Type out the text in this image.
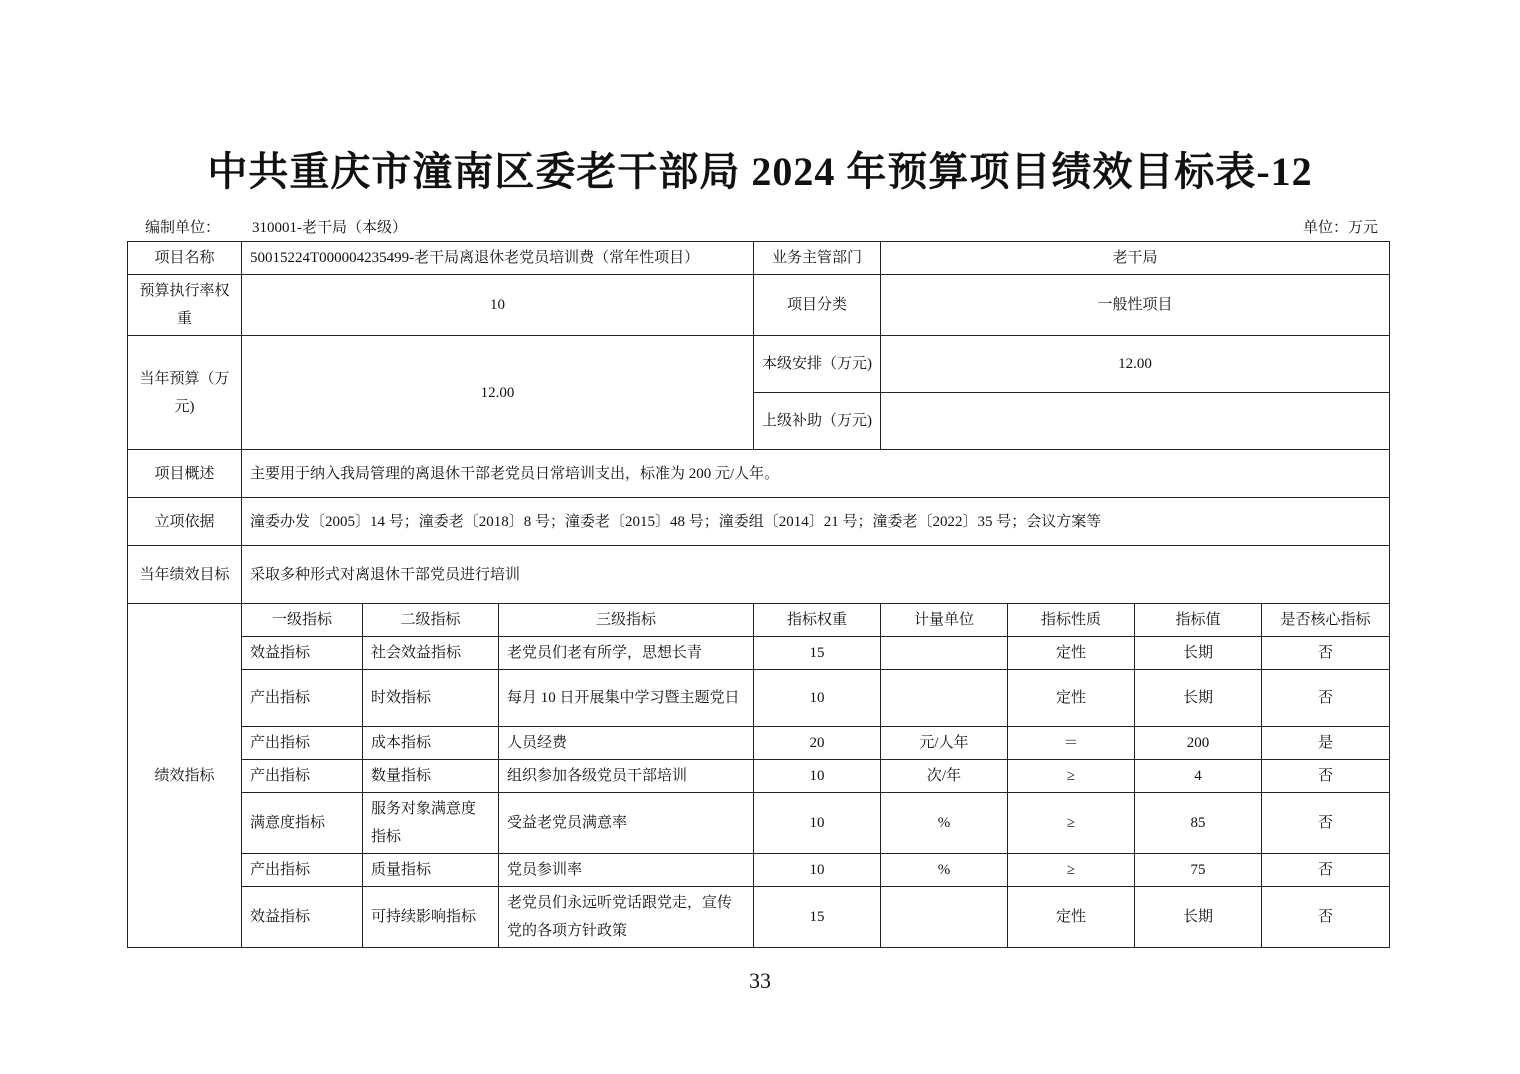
中共重庆市潼南区委老干部局 2024 年预算项目绩效目标表-12
编制单位： 310001-老干局（本级）	单位：万元
项目名称	50015224T000004235499-老干局离退休老党员培训费（常年性项目）			业务主管部门	老干局			
预算执行率权重	10			项目分类	一般性项目			
当年预算（万元)	12.00			本级安排（万元)	12.00			
				上级补助（万元)				
项目概述	主要用于纳入我局管理的离退休干部老党员日常培训支出，标准为 200 元/人年。							
立项依据	潼委办发〔2005〕14 号；潼委老〔2018〕8 号；潼委老〔2015〕48 号；潼委组〔2014〕21 号；潼委老〔2022〕35 号；会议方案等							
当年绩效目标	采取多种形式对离退休干部党员进行培训							
绩效指标	一级指标	二级指标	三级指标	指标权重	计量单位	指标性质	指标值	是否核心指标
	效益指标	社会效益指标	老党员们老有所学，思想长青	15		定性	长期	否
	产出指标	时效指标	每月 10 日开展集中学习暨主题党日	10		定性	长期	否
	产出指标	成本指标	人员经费	20	元/人年	＝	200	是
	产出指标	数量指标	组织参加各级党员干部培训	10	次/年	≥	4	否
	满意度指标	服务对象满意度指标	受益老党员满意率	10	%	≥	85	否
	产出指标	质量指标	党员参训率	10	%	≥	75	否
	效益指标	可持续影响指标	老党员们永远听党话跟党走，宣传党的各项方针政策	15		定性	长期	否
33
